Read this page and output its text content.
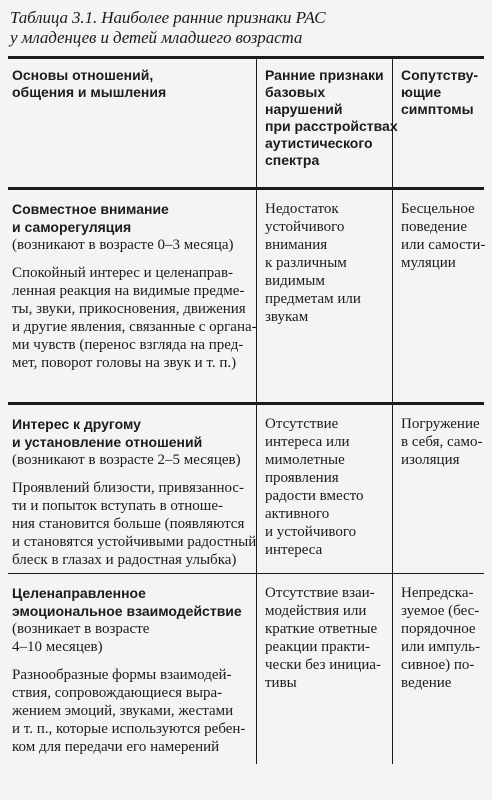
Таблица 3.1. Наиболее ранние признаки РАС
у младенцев и детей младшего возраста
Основы отношений,
общения и мышления
Ранние признаки
базовых
нарушений
при расстройствах
аутистического
спектра
Сопутству-
ющие
симптомы
Совместное внимание
и саморегуляция
(возникают в возрасте 0–3 месяца)
Спокойный интерес и целенаправ-
ленная реакция на видимые предме-
ты, звуки, прикосновения, движения
и другие явления, связанные с органа-
ми чувств (перенос взгляда на пред-
мет, поворот головы на звук и т. п.)
Недостаток
устойчивого
внимания
к различным
видимым
предметам или
звукам
Бесцельное
поведение
или самости-
муляции
Интерес к другому
и установление отношений
(возникают в возрасте 2–5 месяцев)
Проявлений близости, привязаннос-
ти и попыток вступать в отноше-
ния становится больше (появляются
и становятся устойчивыми радостный
блеск в глазах и радостная улыбка)
Отсутствие
интереса или
мимолетные
проявления
радости вместо
активного
и устойчивого
интереса
Погружение
в себя, само-
изоляция
Целенаправленное
эмоциональное взаимодействие
(возникает в возрасте
4–10 месяцев)
Разнообразные формы взаимодей-
ствия, сопровождающиеся выра-
жением эмоций, звуками, жестами
и т. п., которые используются ребен-
ком для передачи его намерений
Отсутствие взаи-
модействия или
краткие ответные
реакции практи-
чески без инициа-
тивы
Непредска-
зуемое (бес-
порядочное
или импуль-
сивное) по-
ведение
